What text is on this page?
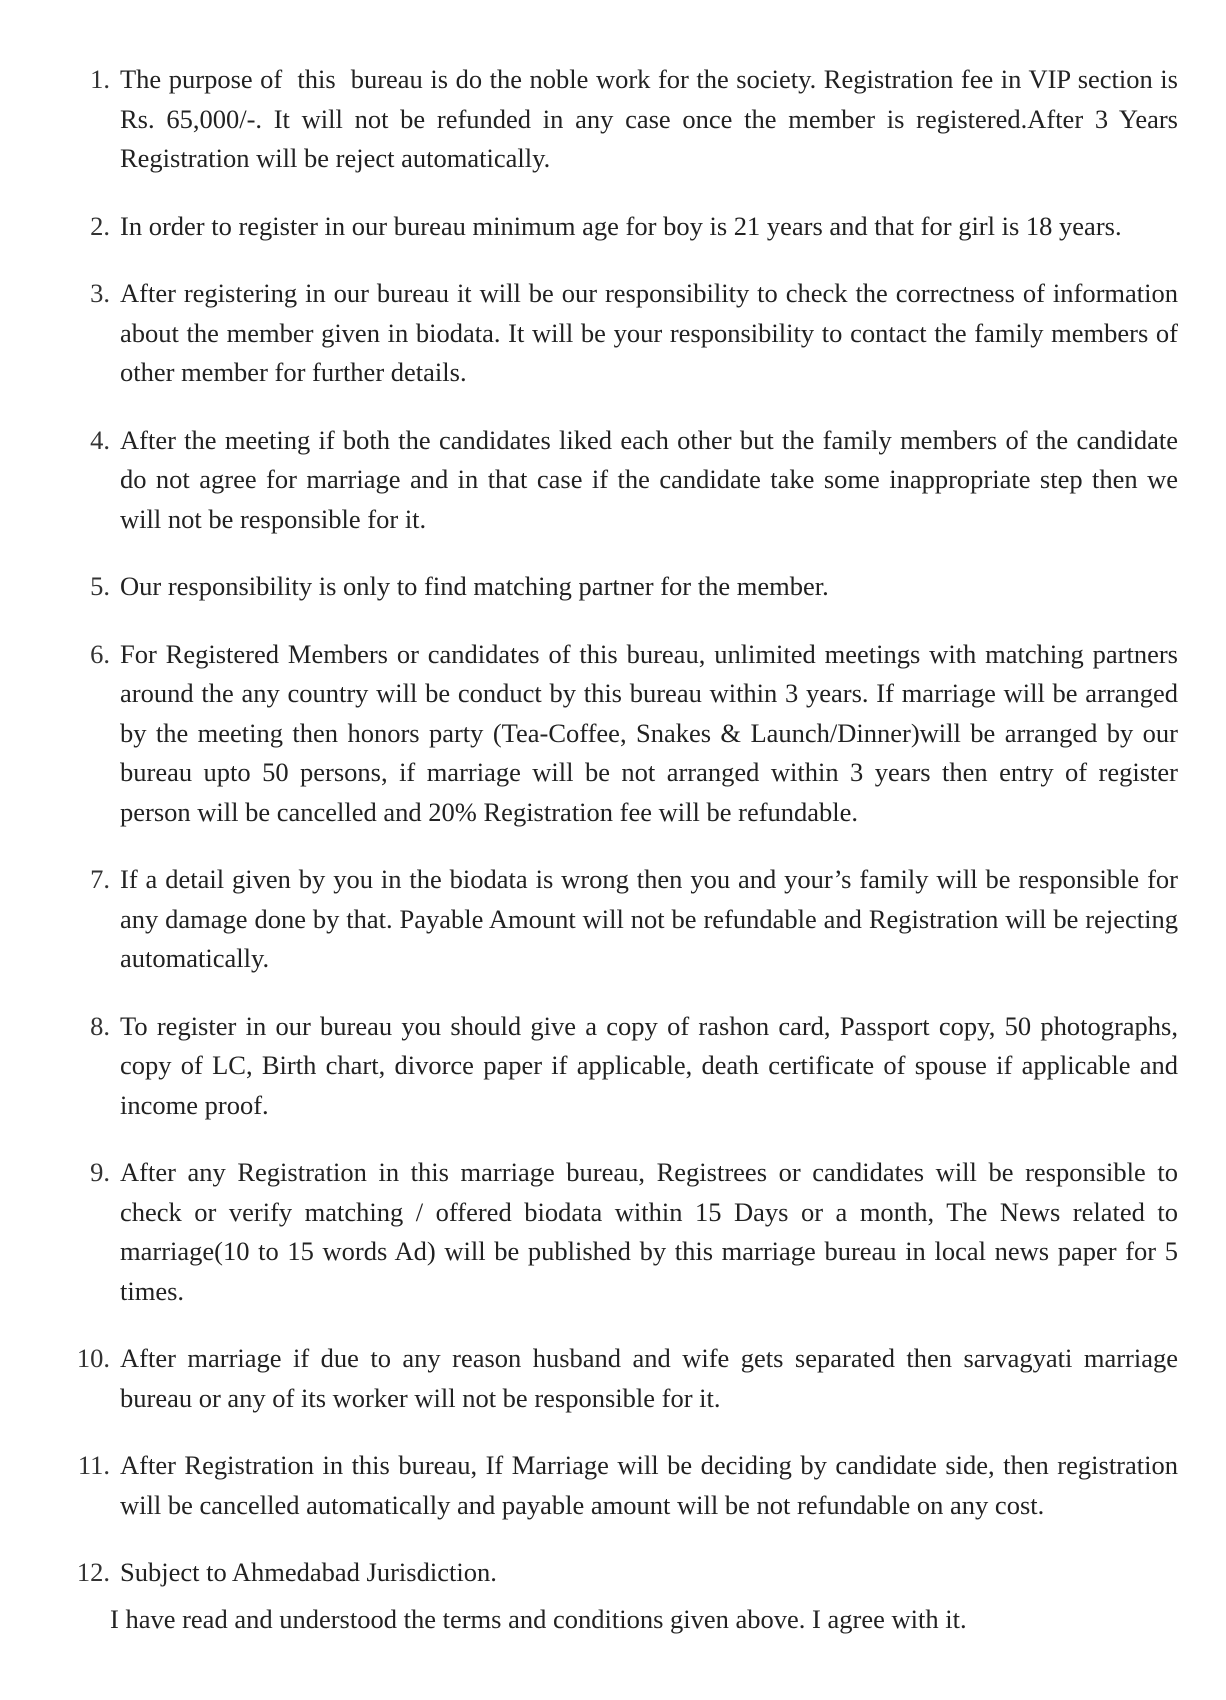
1. The purpose of  this  bureau is do the noble work for the society. Registration fee in VIP section is Rs. 65,000/-. It will not be refunded in any case once the member is registered.After 3 Years Registration will be reject automatically.
2. In order to register in our bureau minimum age for boy is 21 years and that for girl is 18 years.
3. After registering in our bureau it will be our responsibility to check the correctness of information about the member given in biodata. It will be your responsibility to contact the family members of other member for further details.
4. After the meeting if both the candidates liked each other but the family members of the candidate do not agree for marriage and in that case if the candidate take some inappropriate step then we will not be responsible for it.
5. Our responsibility is only to find matching partner for the member.
6. For Registered Members or candidates of this bureau, unlimited meetings with matching partners around the any country will be conduct by this bureau within 3 years. If marriage will be arranged by the meeting then honors party (Tea-Coffee, Snakes & Launch/Dinner)will be arranged by our bureau upto 50 persons, if marriage will be not arranged within 3 years then entry of register person will be cancelled and 20% Registration fee will be refundable.
7. If a detail given by you in the biodata is wrong then you and your’s family will be responsible for any damage done by that. Payable Amount will not be refundable and Registration will be rejecting automatically.
8. To register in our bureau you should give a copy of rashon card, Passport copy, 50 photographs, copy of LC, Birth chart, divorce paper if applicable, death certificate of spouse if applicable and income proof.
9. After any Registration in this marriage bureau, Registrees or candidates will be responsible to check or verify matching / offered biodata within 15 Days or a month, The News related to marriage(10 to 15 words Ad) will be published by this marriage bureau in local news paper for 5 times.
10. After marriage if due to any reason husband and wife gets separated then sarvagyati marriage bureau or any of its worker will not be responsible for it.
11. After Registration in this bureau, If Marriage will be deciding by candidate side, then registration will be cancelled automatically and payable amount will be not refundable on any cost.
12. Subject to Ahmedabad Jurisdiction.

I have read and understood the terms and conditions given above. I agree with it.
